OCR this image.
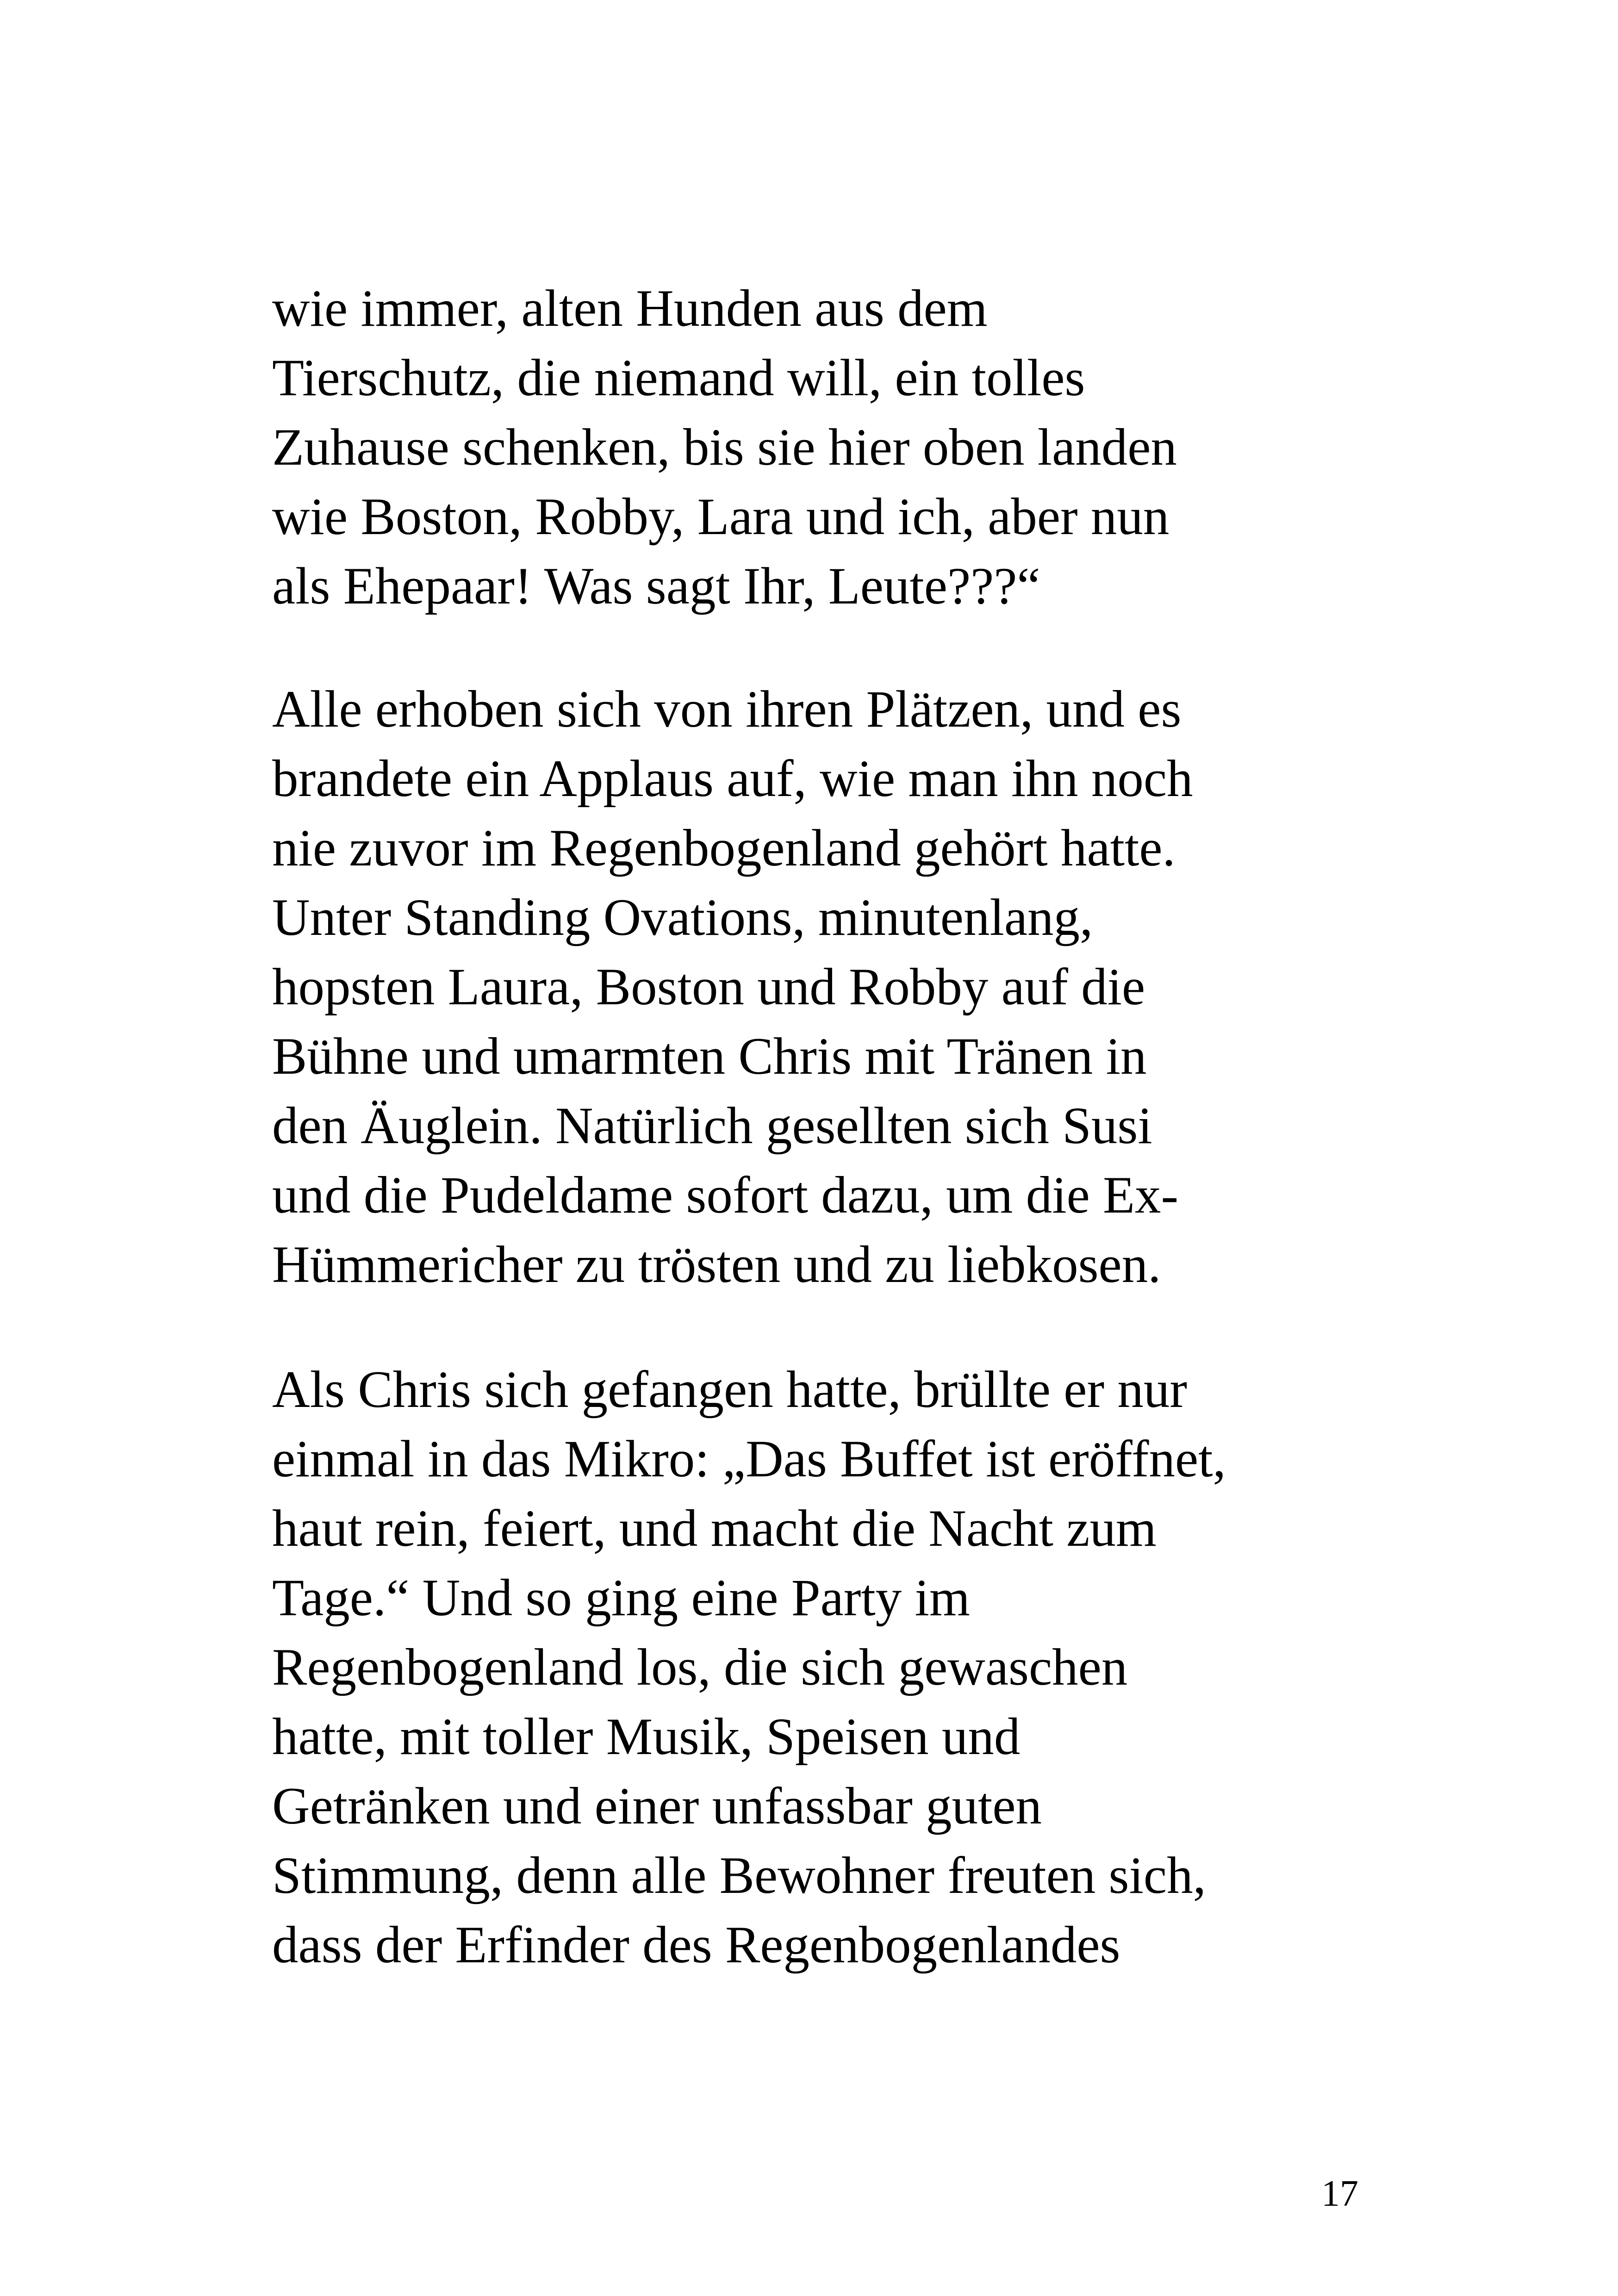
wie immer, alten Hunden aus dem
Tierschutz, die niemand will, ein tolles
Zuhause schenken, bis sie hier oben landen
wie Boston, Robby, Lara und ich, aber nun
als Ehepaar! Was sagt Ihr, Leute???“
Alle erhoben sich von ihren Plätzen, und es
brandete ein Applaus auf, wie man ihn noch
nie zuvor im Regenbogenland gehört hatte.
Unter Standing Ovations, minutenlang,
hopsten Laura, Boston und Robby auf die
Bühne und umarmten Chris mit Tränen in
den Äuglein. Natürlich gesellten sich Susi
und die Pudeldame sofort dazu, um die Ex-
Hümmericher zu trösten und zu liebkosen.
Als Chris sich gefangen hatte, brüllte er nur
einmal in das Mikro: „Das Buffet ist eröffnet,
haut rein, feiert, und macht die Nacht zum
Tage.“ Und so ging eine Party im
Regenbogenland los, die sich gewaschen
hatte, mit toller Musik, Speisen und
Getränken und einer unfassbar guten
Stimmung, denn alle Bewohner freuten sich,
dass der Erfinder des Regenbogenlandes
17
